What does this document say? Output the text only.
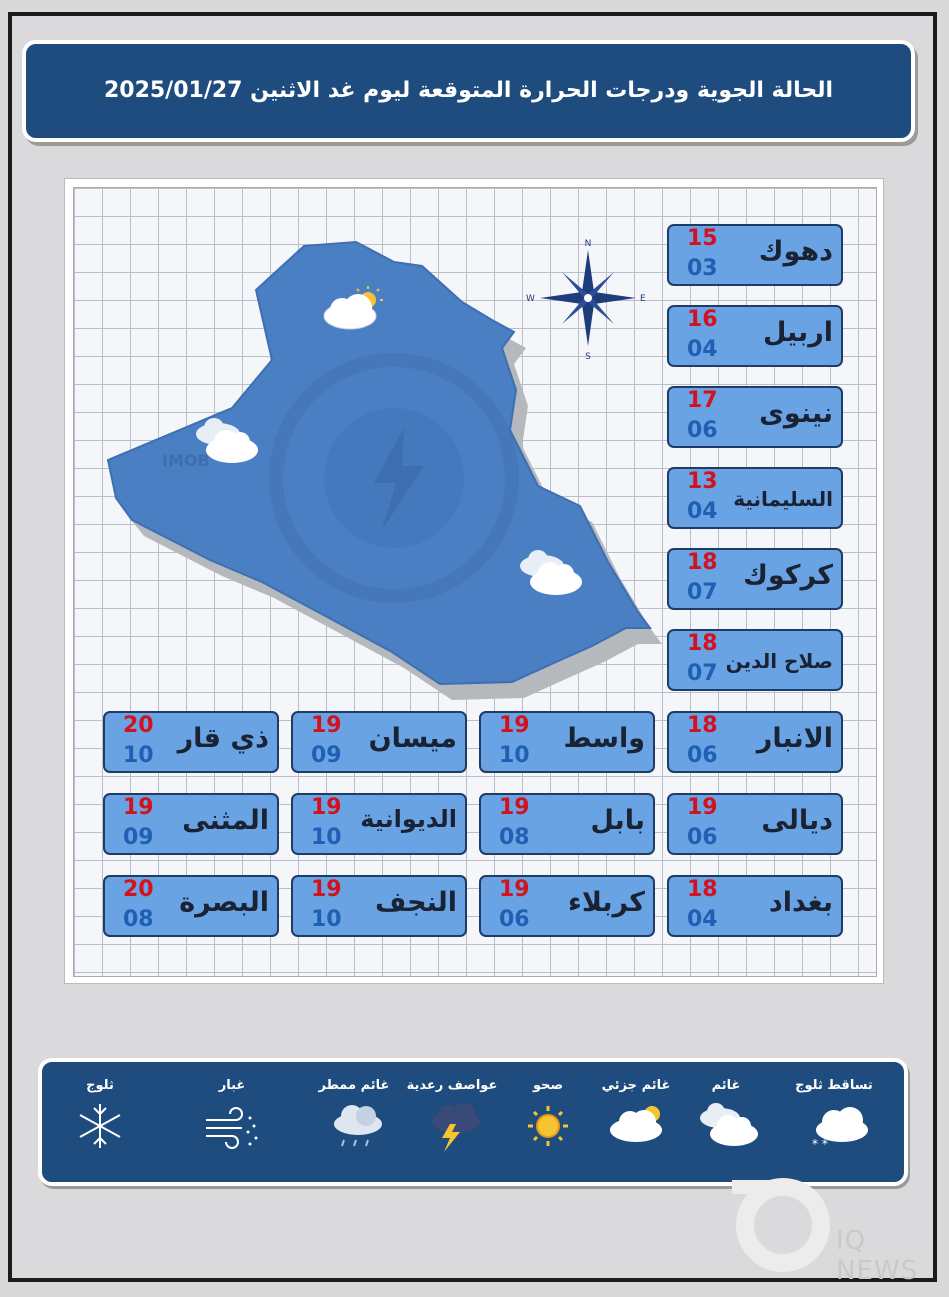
الحالة الجوية ودرجات الحرارة المتوقعة ليوم غد الاثنين 2025/01/27
IMOB
N
S
E
W
15
03
دهوك
16
04
اربيل
17
06
نينوى
13
04 السليمانية
18
07
كركوك
18
07 صلاح الدين
18
06
الانبار
19
10
واسط
19
09
ميسان
20
10
ذي قار
19
06
ديالى
19
08
بابل
19
10
الديوانية
19
09
المثنى
18
04
بغداد
19
06
كربلاء
19
10
النجف
20
08
البصرة
تساقط ثلوج
* *
غائم
غائم جزئي
صحو
عواصف رعدية
غائم ممطر
غبار
ثلوج
IQ NEWS
